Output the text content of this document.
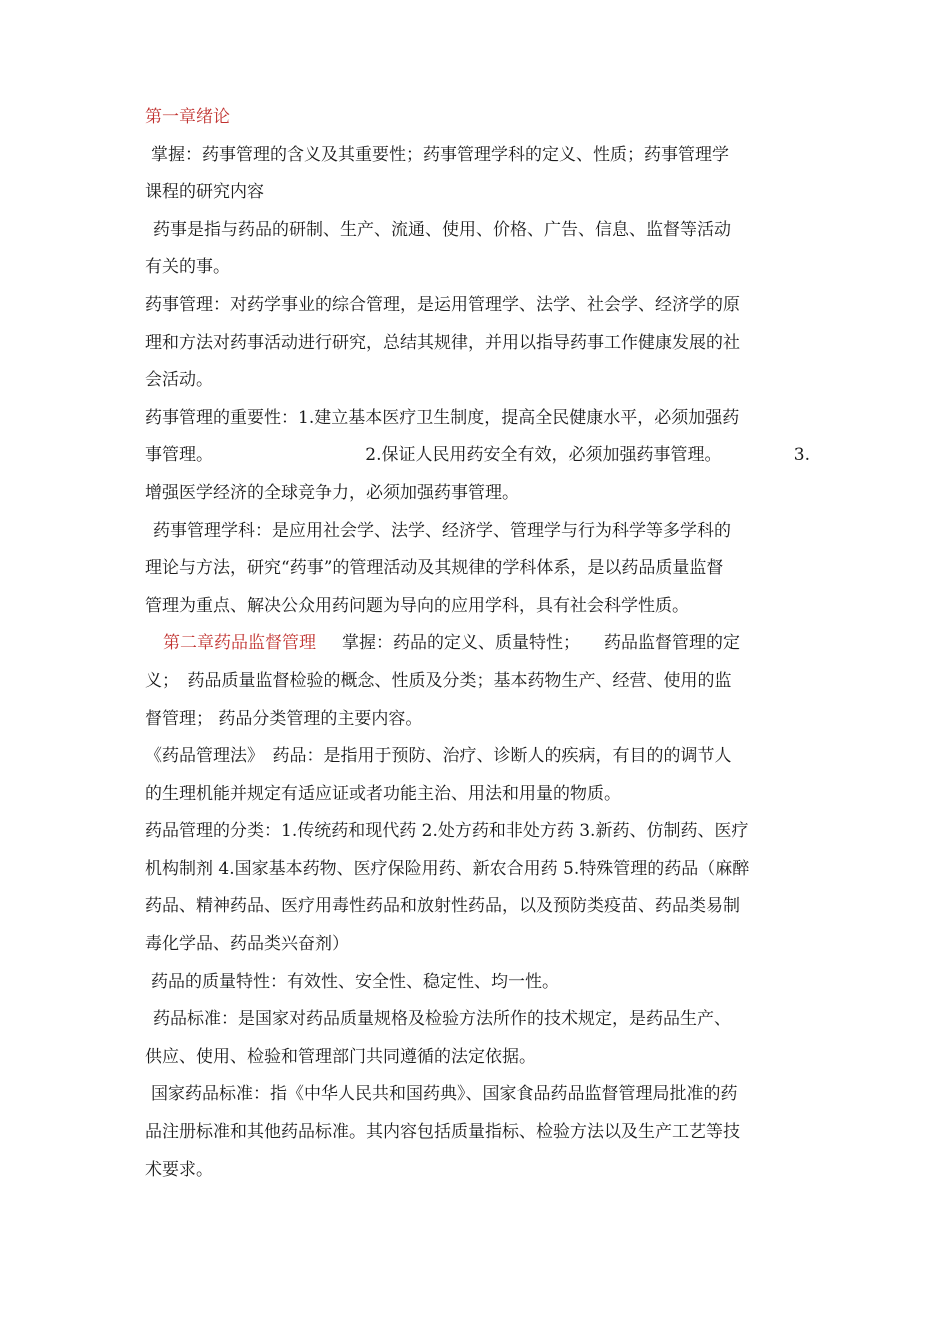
第一章绪论
掌握：药事管理的含义及其重要性；药事管理学科的定义、性质；药事管理学
课程的研究内容
药事是指与药品的研制、生产、流通、使用、价格、广告、信息、监督等活动
有关的事。
药事管理：对药学事业的综合管理，是运用管理学、法学、社会学、经济学的原
理和方法对药事活动进行研究，总结其规律，并用以指导药事工作健康发展的社
会活动。
药事管理的重要性：1.建立基本医疗卫生制度，提高全民健康水平，必须加强药
事管理。	2.保证人民用药安全有效，必须加强药事管理。	3.
增强医学经济的全球竞争力，必须加强药事管理。
药事管理学科：是应用社会学、法学、经济学、管理学与行为科学等多学科的
理论与方法，研究“药事”的管理活动及其规律的学科体系，是以药品质量监督
管理为重点、解决公众用药问题为导向的应用学科，具有社会科学性质。
第二章药品监督管理 掌握：药品的定义、质量特性； 药品监督管理的定
义；　药品质量监督检验的概念、性质及分类；基本药物生产、经营、使用的监
督管理； 药品分类管理的主要内容。
《药品管理法》　药品：是指用于预防、治疗、诊断人的疾病，有目的的调节人
的生理机能并规定有适应证或者功能主治、用法和用量的物质。
药品管理的分类：1.传统药和现代药 2.处方药和非处方药 3.新药、仿制药、医疗
机构制剂 4.国家基本药物、医疗保险用药、新农合用药 5.特殊管理的药品（麻醉
药品、精神药品、医疗用毒性药品和放射性药品，以及预防类疫苗、药品类易制
毒化学品、药品类兴奋剂）
药品的质量特性：有效性、安全性、稳定性、均一性。
药品标准：是国家对药品质量规格及检验方法所作的技术规定，是药品生产、
供应、使用、检验和管理部门共同遵循的法定依据。
国家药品标准：指《中华人民共和国药典》、国家食品药品监督管理局批准的药
品注册标准和其他药品标准。其内容包括质量指标、检验方法以及生产工艺等技
术要求。
